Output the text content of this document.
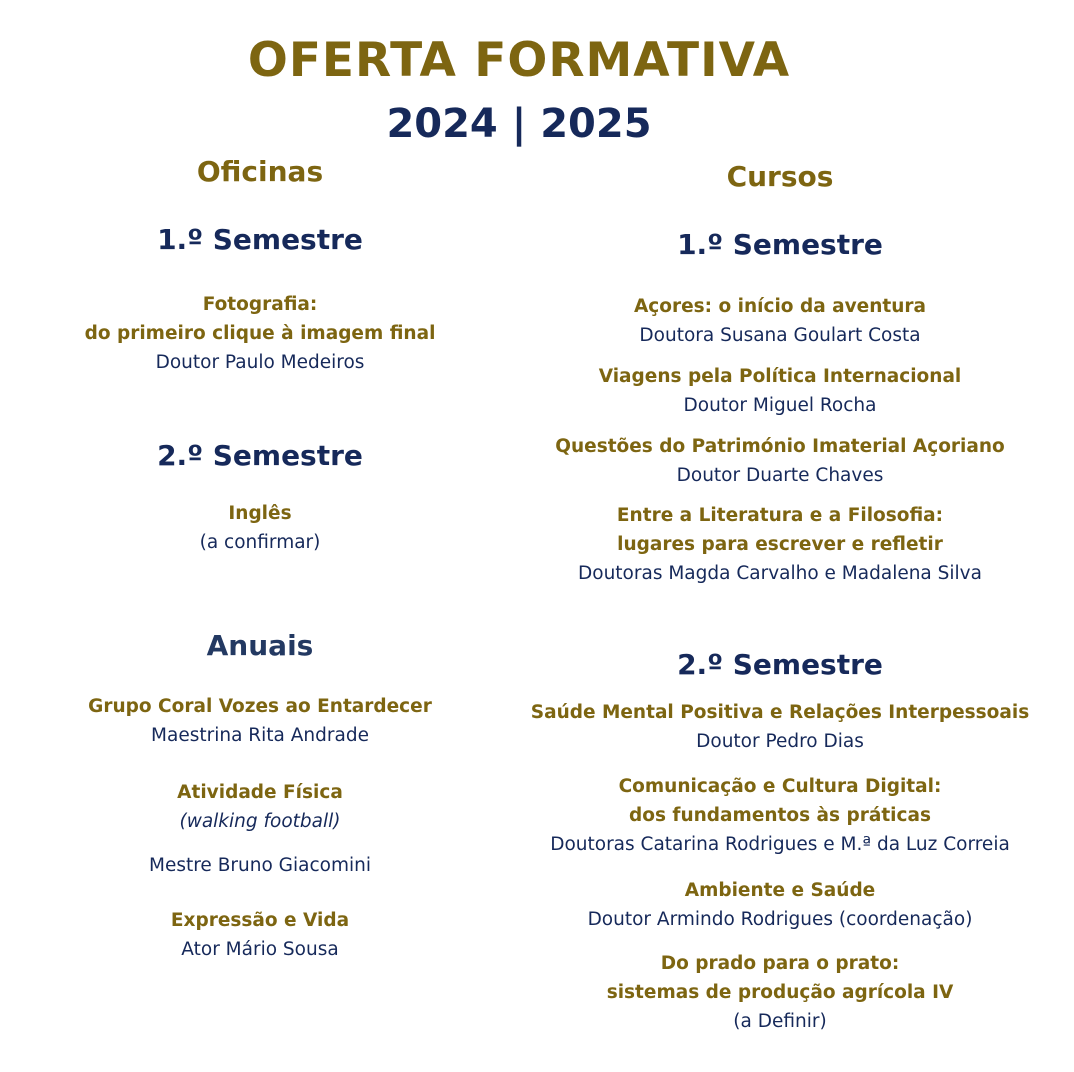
OFERTA FORMATIVA
2024 | 2025
Oficinas
1.º Semestre
Fotografia:
do primeiro clique à imagem final
Doutor Paulo Medeiros
2.º Semestre
Inglês
(a confirmar)
Anuais
Grupo Coral Vozes ao Entardecer
Maestrina Rita Andrade
Atividade Física
(walking football)
Mestre Bruno Giacomini
Expressão e Vida
Ator Mário Sousa
Cursos
1.º Semestre
Açores: o início da aventura
Doutora Susana Goulart Costa
Viagens pela Política Internacional
Doutor Miguel Rocha
Questões do Património Imaterial Açoriano
Doutor Duarte Chaves
Entre a Literatura e a Filosofia:
lugares para escrever e refletir
Doutoras Magda Carvalho e Madalena Silva
2.º Semestre
Saúde Mental Positiva e Relações Interpessoais
Doutor Pedro Dias
Comunicação e Cultura Digital:
dos fundamentos às práticas
Doutoras Catarina Rodrigues e M.ª da Luz Correia
Ambiente e Saúde
Doutor Armindo Rodrigues (coordenação)
Do prado para o prato:
sistemas de produção agrícola IV
(a Definir)
